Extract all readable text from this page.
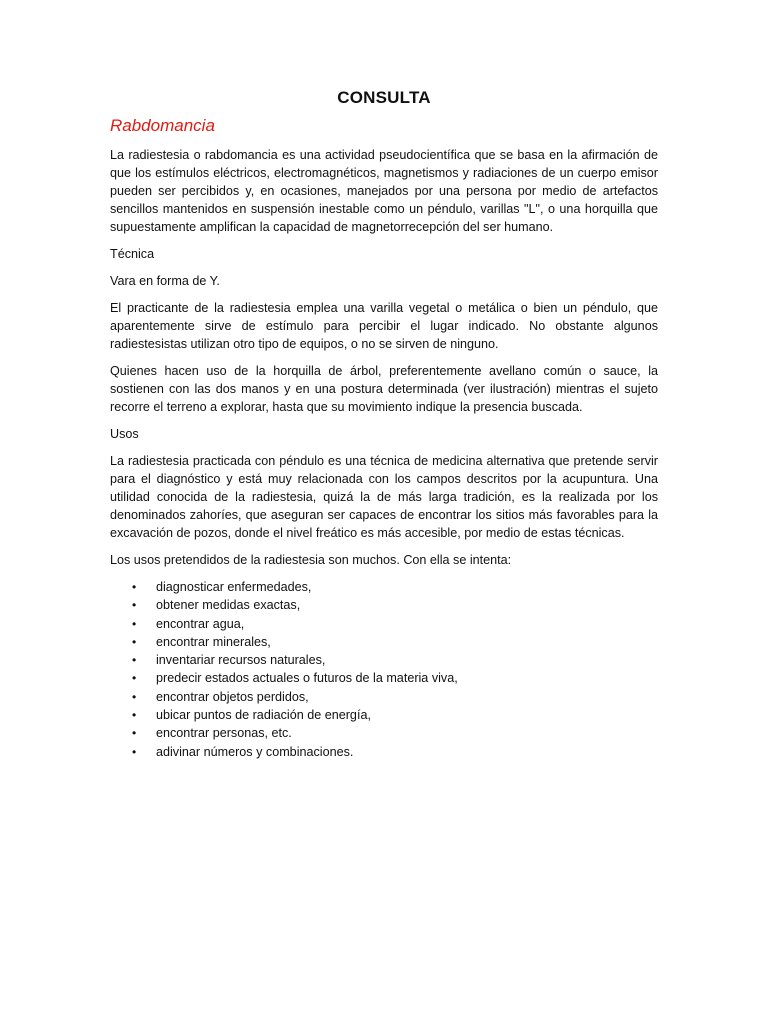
CONSULTA
Rabdomancia

La radiestesia o rabdomancia es una actividad pseudocientífica que se basa en la afirmación de que los estímulos eléctricos, electromagnéticos, magnetismos y radiaciones de un cuerpo emisor pueden ser percibidos y, en ocasiones, manejados por una persona por medio de artefactos sencillos mantenidos en suspensión inestable como un péndulo, varillas "L", o una horquilla que supuestamente amplifican la capacidad de magnetorrecepción del ser humano.

Técnica
Vara en forma de Y.

El practicante de la radiestesia emplea una varilla vegetal o metálica o bien un péndulo, que aparentemente sirve de estímulo para percibir el lugar indicado. No obstante algunos radiestesistas utilizan otro tipo de equipos, o no se sirven de ninguno.

Quienes hacen uso de la horquilla de árbol, preferentemente avellano común o sauce, la sostienen con las dos manos y en una postura determinada (ver ilustración) mientras el sujeto recorre el terreno a explorar, hasta que su movimiento indique la presencia buscada.

Usos

La radiestesia practicada con péndulo es una técnica de medicina alternativa que pretende servir para el diagnóstico y está muy relacionada con los campos descritos por la acupuntura. Una utilidad conocida de la radiestesia, quizá la de más larga tradición, es la realizada por los denominados zahoríes, que aseguran ser capaces de encontrar los sitios más favorables para la excavación de pozos, donde el nivel freático es más accesible, por medio de estas técnicas.

Los usos pretendidos de la radiestesia son muchos. Con ella se intenta:

• diagnosticar enfermedades,
• obtener medidas exactas,
• encontrar agua,
• encontrar minerales,
• inventariar recursos naturales,
• predecir estados actuales o futuros de la materia viva,
• encontrar objetos perdidos,
• ubicar puntos de radiación de energía,
• encontrar personas, etc.
• adivinar números y combinaciones.
